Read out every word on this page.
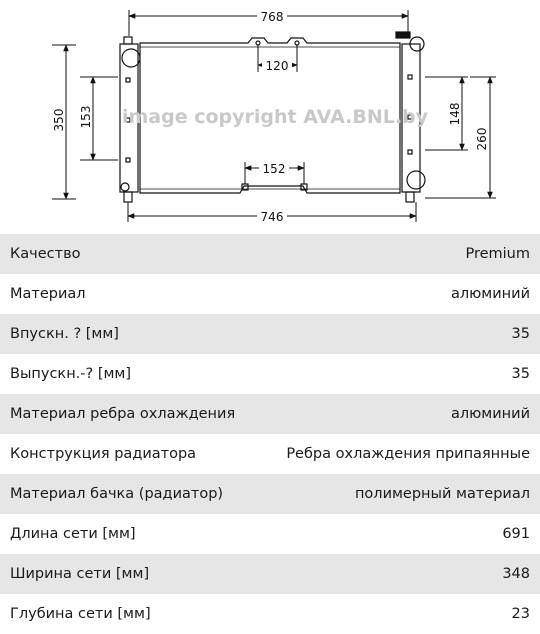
image copyright AVA.BNL.by
768
120
152
746
350 153	148
260
Качество	Premium
Материал	алюминий
Впускн. ? [мм]	35
Выпускн.-? [мм]	35
Материал ребра охлаждения	алюминий
Конструкция радиатора	Ребра охлаждения припаянные
Материал бачка (радиатор)	полимерный материал
Длина сети [мм]	691
Ширина сети [мм]	348
Глубина сети [мм]	23
